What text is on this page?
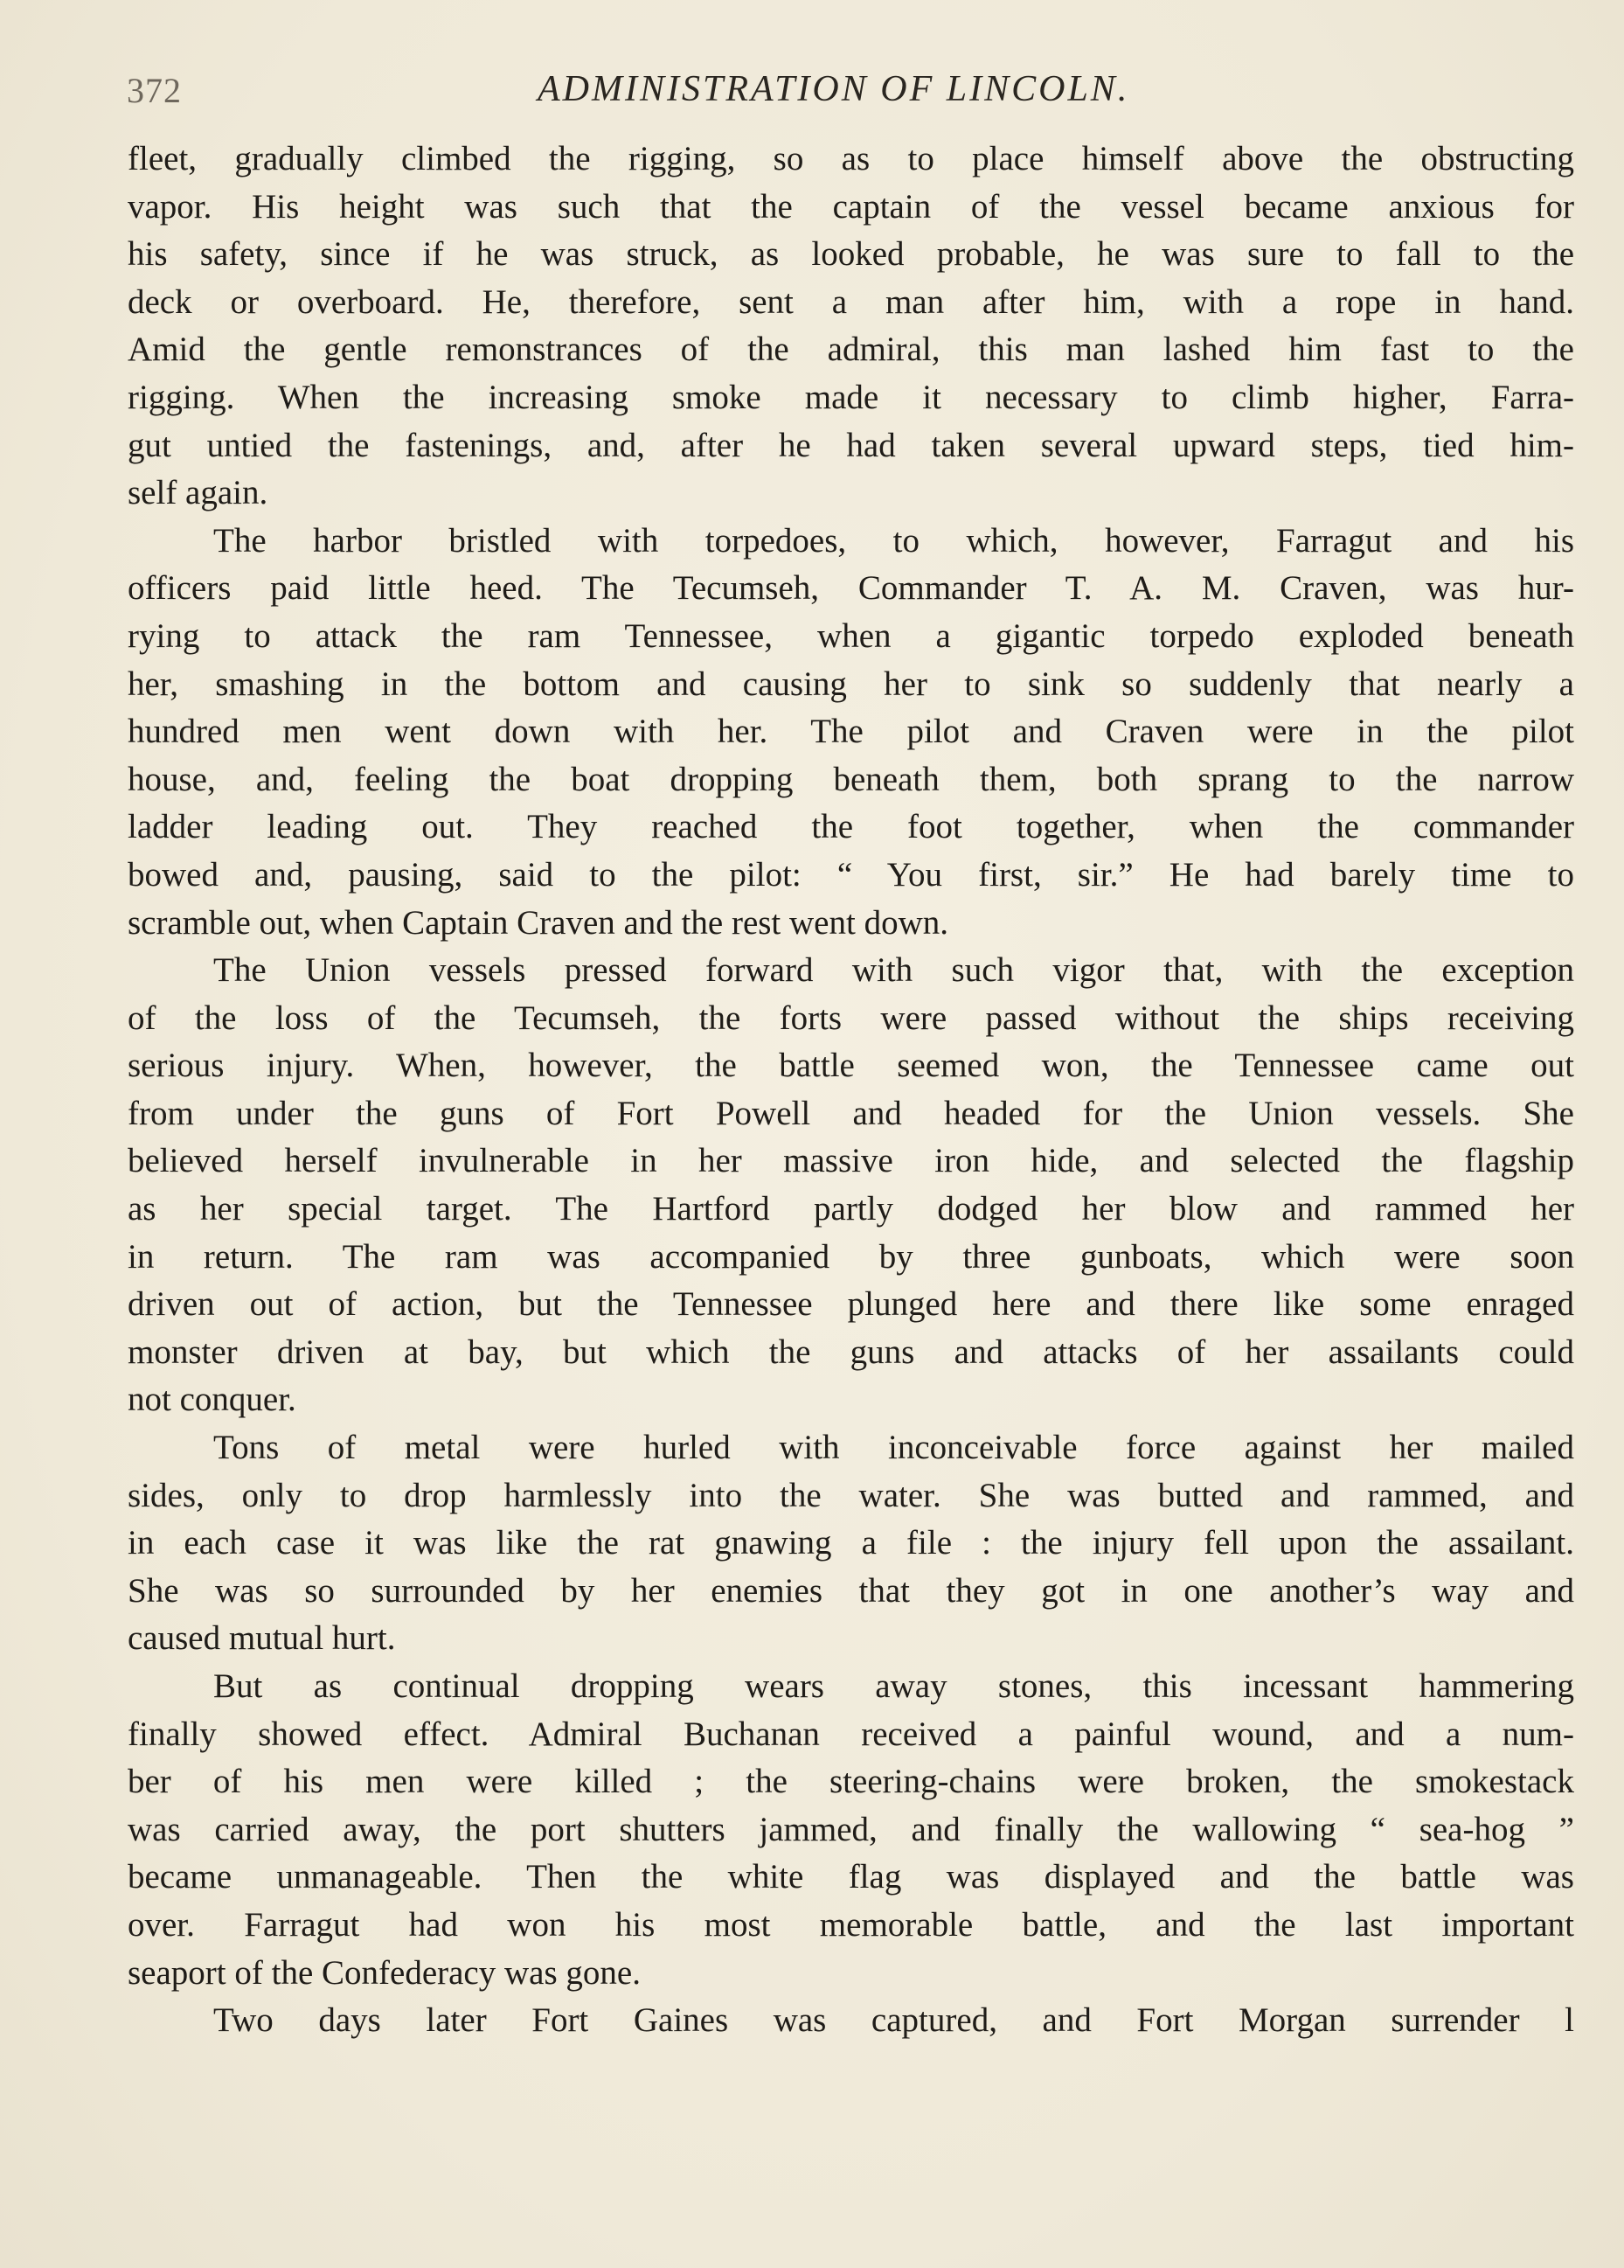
372	ADMINISTRATION OF LINCOLN.
fleet, gradually climbed the rigging, so as to place himself above the obstructing
vapor. His height was such that the captain of the vessel became anxious for
his safety, since if he was struck, as looked probable, he was sure to fall to the
deck or overboard. He, therefore, sent a man after him, with a rope in hand.
Amid the gentle remonstrances of the admiral, this man lashed him fast to the
rigging. When the increasing smoke made it necessary to climb higher, Farra-
gut untied the fastenings, and, after he had taken several upward steps, tied him-
self again.
The harbor bristled with torpedoes, to which, however, Farragut and his
officers paid little heed. The Tecumseh, Commander T. A. M. Craven, was hur-
rying to attack the ram Tennessee, when a gigantic torpedo exploded beneath
her, smashing in the bottom and causing her to sink so suddenly that nearly a
hundred men went down with her. The pilot and Craven were in the pilot
house, and, feeling the boat dropping beneath them, both sprang to the narrow
ladder leading out. They reached the foot together, when the commander
bowed and, pausing, said to the pilot: “ You first, sir.” He had barely time to
scramble out, when Captain Craven and the rest went down.
The Union vessels pressed forward with such vigor that, with the exception
of the loss of the Tecumseh, the forts were passed without the ships receiving
serious injury. When, however, the battle seemed won, the Tennessee came out
from under the guns of Fort Powell and headed for the Union vessels. She
believed herself invulnerable in her massive iron hide, and selected the flagship
as her special target. The Hartford partly dodged her blow and rammed her
in return. The ram was accompanied by three gunboats, which were soon
driven out of action, but the Tennessee plunged here and there like some enraged
monster driven at bay, but which the guns and attacks of her assailants could
not conquer.
Tons of metal were hurled with inconceivable force against her mailed
sides, only to drop harmlessly into the water. She was butted and rammed, and
in each case it was like the rat gnawing a file : the injury fell upon the assailant.
She was so surrounded by her enemies that they got in one another’s way and
caused mutual hurt.
But as continual dropping wears away stones, this incessant hammering
finally showed effect. Admiral Buchanan received a painful wound, and a num-
ber of his men were killed ; the steering-chains were broken, the smokestack
was carried away, the port shutters jammed, and finally the wallowing “ sea-hog ”
became unmanageable. Then the white flag was displayed and the battle was
over. Farragut had won his most memorable battle, and the last important
seaport of the Confederacy was gone.
Two days later Fort Gaines was captured, and Fort Morgan surrender l
